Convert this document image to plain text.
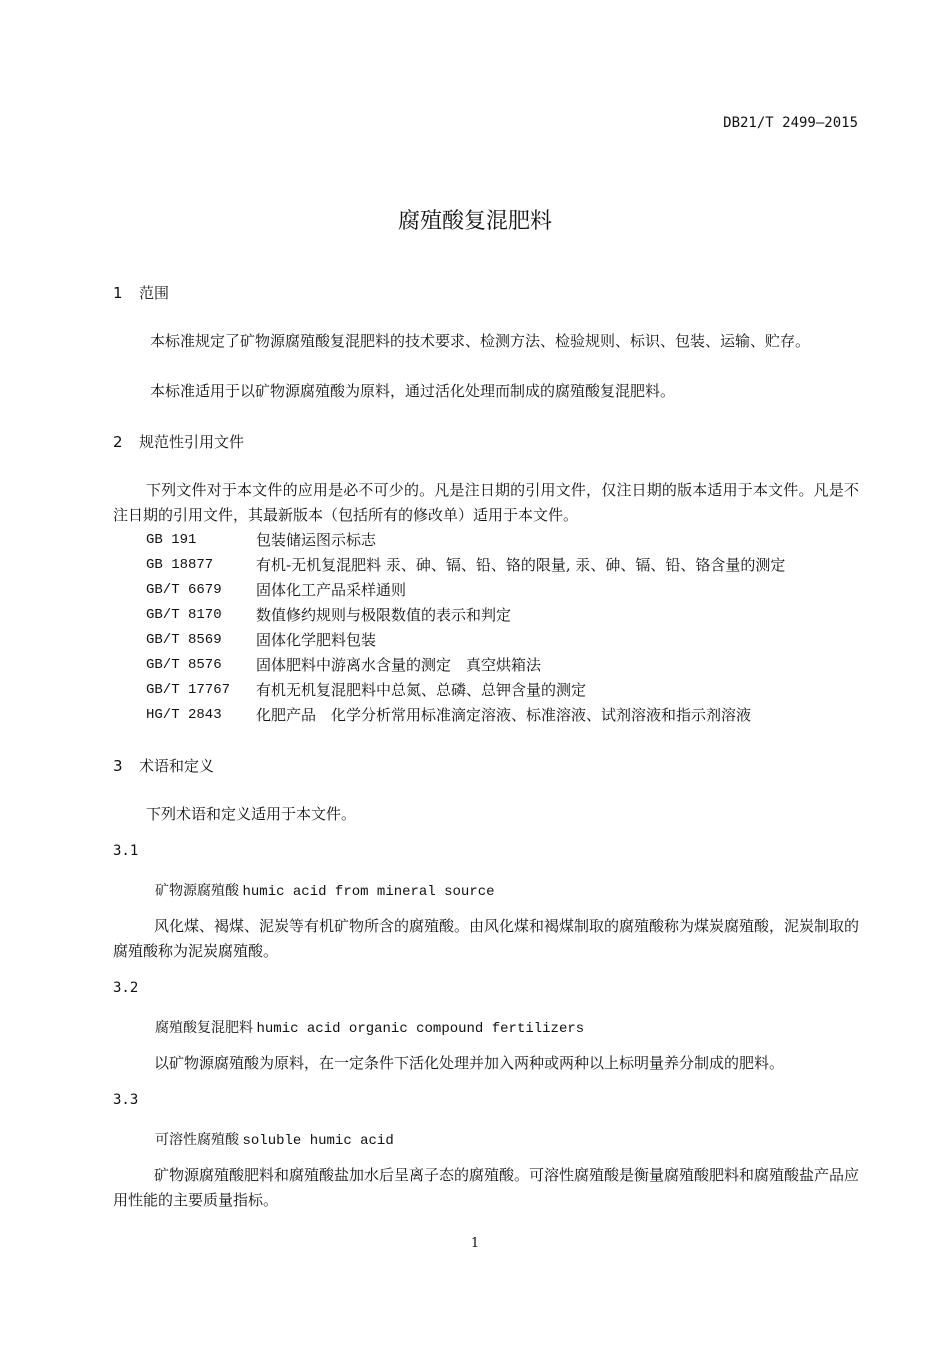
DB21/T 2499—2015
腐殖酸复混肥料
1 范围
本标准规定了矿物源腐殖酸复混肥料的技术要求、检测方法、检验规则、标识、包装、运输、贮存。
本标准适用于以矿物源腐殖酸为原料，通过活化处理而制成的腐殖酸复混肥料。
2 规范性引用文件
下列文件对于本文件的应用是必不可少的。凡是注日期的引用文件，仅注日期的版本适用于本文件。凡是不注日期的引用文件，其最新版本（包括所有的修改单）适用于本文件。
GB 191	包装储运图示标志
GB 18877	有机-无机复混肥料 汞、砷、镉、铅、铬的限量, 汞、砷、镉、铅、铬含量的测定
GB/T 6679 固体化工产品采样通则
GB/T 8170 数值修约规则与极限数值的表示和判定
GB/T 8569 固体化学肥料包装
GB/T 8576 固体肥料中游离水含量的测定　真空烘箱法
GB/T 17767 有机无机复混肥料中总氮、总磷、总钾含量的测定
HG/T 2843 化肥产品　化学分析常用标准滴定溶液、标准溶液、试剂溶液和指示剂溶液
3 术语和定义
下列术语和定义适用于本文件。
3.1
矿物源腐殖酸 humic acid from mineral source
风化煤、褐煤、泥炭等有机矿物所含的腐殖酸。由风化煤和褐煤制取的腐殖酸称为煤炭腐殖酸，泥炭制取的腐殖酸称为泥炭腐殖酸。
3.2
腐殖酸复混肥料 humic acid organic compound fertilizers
以矿物源腐殖酸为原料，在一定条件下活化处理并加入两种或两种以上标明量养分制成的肥料。
3.3
可溶性腐殖酸 soluble humic acid
矿物源腐殖酸肥料和腐殖酸盐加水后呈离子态的腐殖酸。可溶性腐殖酸是衡量腐殖酸肥料和腐殖酸盐产品应用性能的主要质量指标。
1
